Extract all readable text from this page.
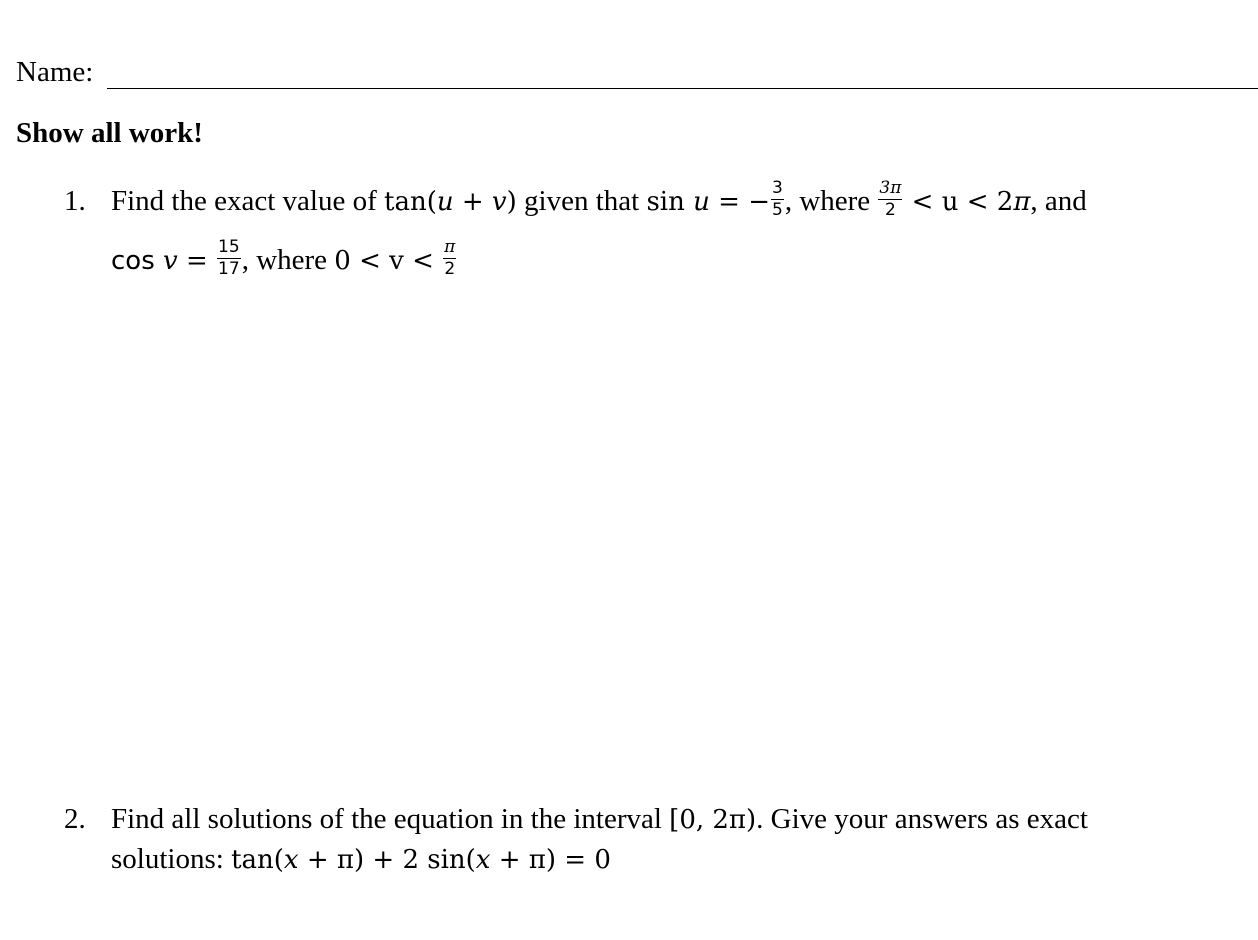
Name:
Show all work!
1. Find the exact value of tan(u + v) given that sin u = − $\frac{3}{5}$ , where $\frac{3\pi}{2} < u < 2\pi$, and
$\cos v = \frac{15}{17}$ , where $0 < v < \frac{\pi}{2}$
2. Find all solutions of the equation in the interval [0, 2π). Give your answers as exact
solutions: tan(x + π) + 2 sin(x + π) = 0
